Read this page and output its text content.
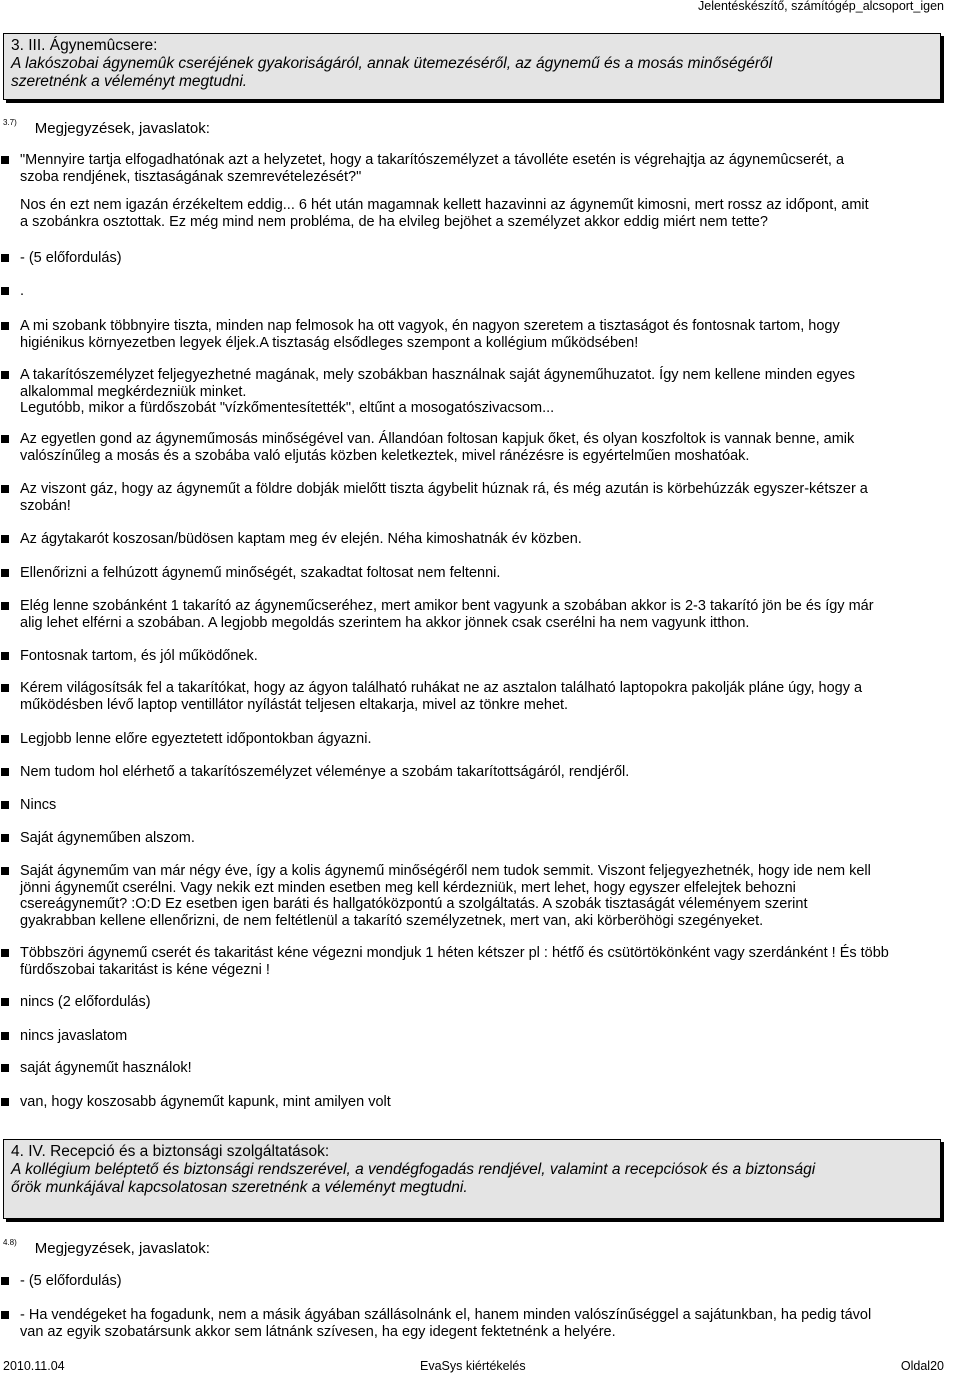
Jelentéskészítő, számítógép_alcsoport_igen
3. III. Ágynemûcsere:
A lakószobai ágynemûk cseréjének gyakoriságáról, annak ütemezéséről, az ágynemű és a mosás minőségéről
szeretnénk a véleményt megtudni.
$^{3.7)}$ Megjegyzések, javaslatok:
"Mennyire tartja elfogadhatónak azt a helyzetet, hogy a takarítószemélyzet a távolléte esetén is végrehajtja az ágynemûcserét, a
szoba rendjének, tisztaságának szemrevételezését?"
Nos én ezt nem igazán érzékeltem eddig... 6 hét után magamnak kellett hazavinni az ágyneműt kimosni, mert rossz az időpont, amit
a szobánkra osztottak. Ez még mind nem probléma, de ha elvileg bejöhet a személyzet akkor eddig miért nem tette?
- (5 előfordulás)
.
A mi szobank többnyire tiszta, minden nap felmosok ha ott vagyok, én nagyon szeretem a tisztaságot és fontosnak tartom, hogy
higiénikus környezetben legyek éljek.A tisztaság elsődleges szempont a kollégium működsében!
A takarítószemélyzet feljegyezhetné magának, mely szobákban használnak saját ágyneműhuzatot. Így nem kellene minden egyes
alkalommal megkérdezniük minket.
Legutóbb, mikor a fürdőszobát "vízkőmentesítették", eltűnt a mosogatószivacsom...
Az egyetlen gond az ágyneműmosás minőségével van. Állandóan foltosan kapjuk őket, és olyan koszfoltok is vannak benne, amik
valószínűleg a mosás és a szobába való eljutás közben keletkeztek, mivel ránézésre is egyértelműen moshatóak.
Az viszont gáz, hogy az ágyneműt a földre dobják mielőtt tiszta ágybelit húznak rá, és még azután is körbehúzzák egyszer-kétszer a
szobán!
Az ágytakarót koszosan/büdösen kaptam meg év elején. Néha kimoshatnák év közben.
Ellenőrizni a felhúzott ágynemű minőségét, szakadtat foltosat nem feltenni.
Elég lenne szobánként 1 takarító az ágyneműcseréhez, mert amikor bent vagyunk a szobában akkor is 2-3 takarító jön be és így már
alig lehet elférni a szobában. A legjobb megoldás szerintem ha akkor jönnek csak cserélni ha nem vagyunk itthon.
Fontosnak tartom, és jól működőnek.
Kérem világosítsák fel a takarítókat, hogy az ágyon található ruhákat ne az asztalon található laptopokra pakolják pláne úgy, hogy a
működésben lévő laptop ventillátor nyílástát teljesen eltakarja, mivel az tönkre mehet.
Legjobb lenne előre egyeztetett időpontokban ágyazni.
Nem tudom hol elérhető a takarítószemélyzet véleménye a szobám takarítottságáról, rendjéről.
Nincs
Saját ágyneműben alszom.
Saját ágyneműm van már négy éve, így a kolis ágynemű minőségéről nem tudok semmit. Viszont feljegyezhetnék, hogy ide nem kell
jönni ágyneműt cserélni. Vagy nekik ezt minden esetben meg kell kérdezniük, mert lehet, hogy egyszer elfelejtek behozni
csereágyneműt? :O:D Ez esetben igen baráti és hallgatóközpontú a szolgáltatás. A szobák tisztaságát véleményem szerint
gyakrabban kellene ellenőrizni, de nem feltétlenül a takarító személyzetnek, mert van, aki körberöhögi szegényeket.
Többszöri ágynemű cserét és takaritást kéne végezni mondjuk 1 héten kétszer pl : hétfő és csütörtökönként vagy szerdánként ! És több
fürdőszobai takaritást is kéne végezni !
nincs (2 előfordulás)
nincs javaslatom
saját ágyneműt használok!
van, hogy koszosabb ágyneműt kapunk, mint amilyen volt
4. IV. Recepció és a biztonsági szolgáltatások:
A kollégium beléptető és biztonsági rendszerével, a vendégfogadás rendjével, valamint a recepciósok és a biztonsági
őrök munkájával kapcsolatosan szeretnénk a véleményt megtudni.
$^{4.8)}$ Megjegyzések, javaslatok:
- (5 előfordulás)
- Ha vendégeket ha fogadunk, nem a másik ágyában szállásolnánk el, hanem minden valószínűséggel a sajátunkban, ha pedig távol
van az egyik szobatársunk akkor sem látnánk szívesen, ha egy idegent fektetnénk a helyére.
2010.11.04	EvaSys kiértékelés	Oldal20
